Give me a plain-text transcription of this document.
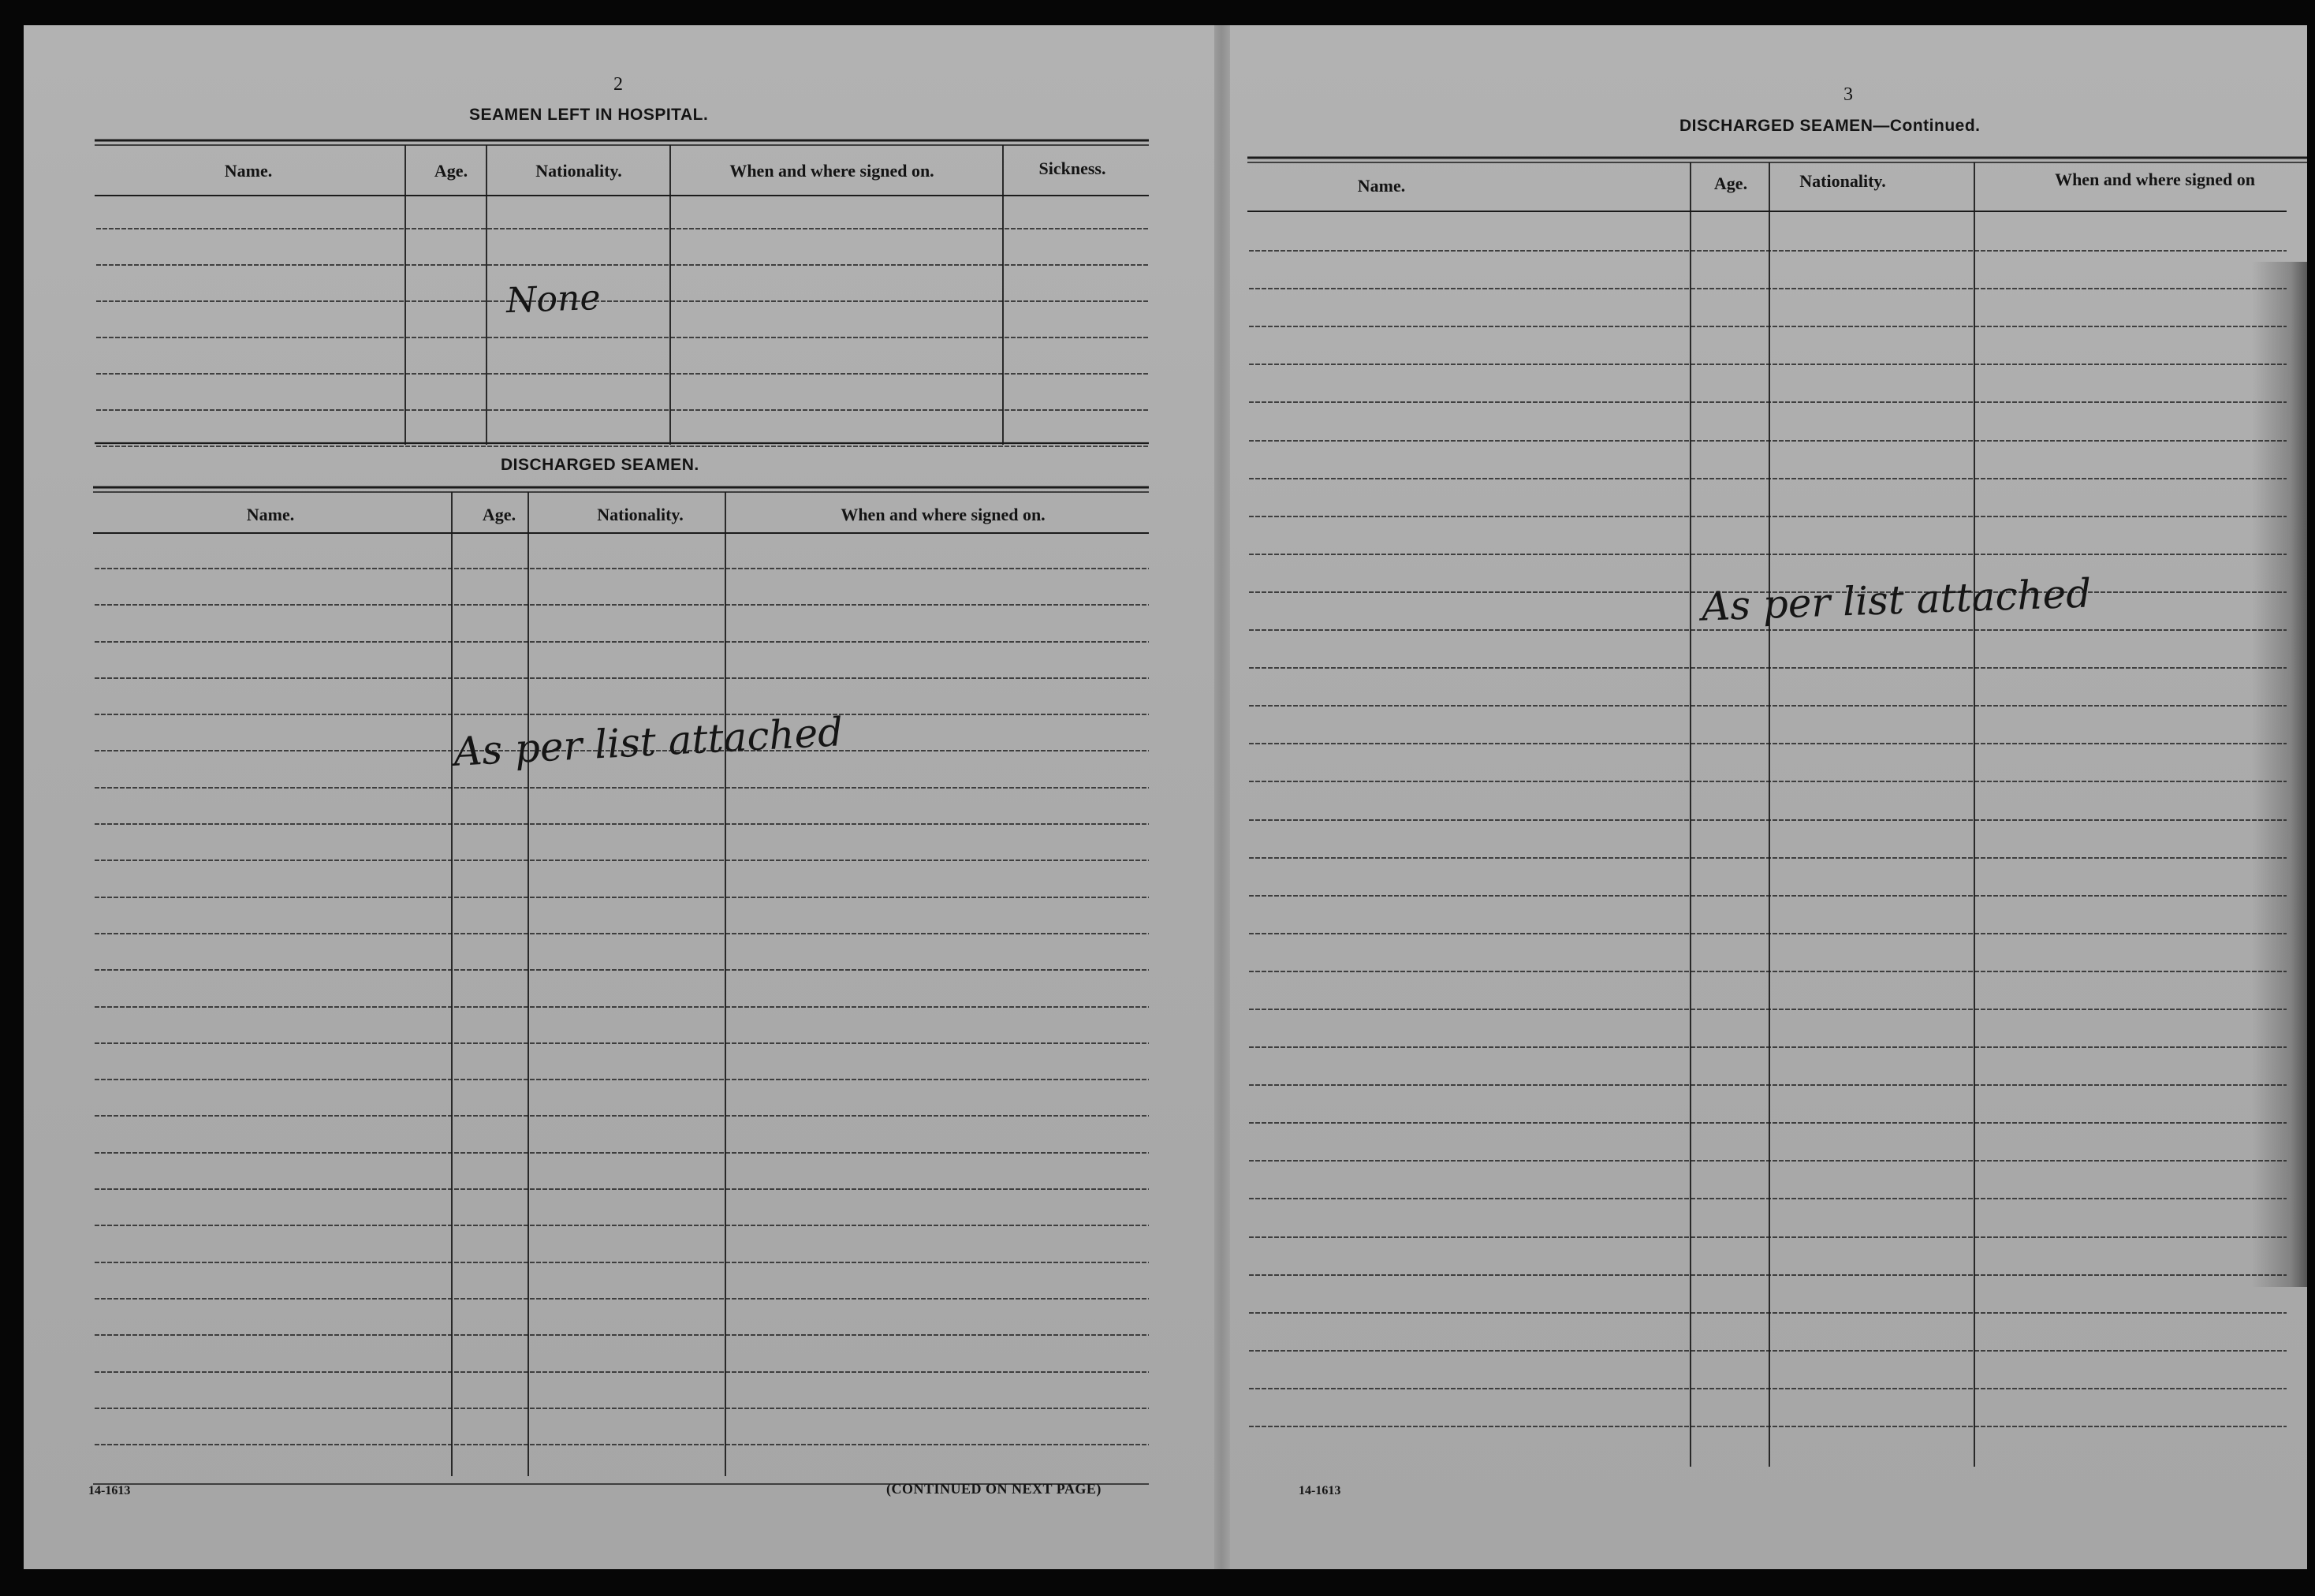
2

SEAMEN LEFT IN HOSPITAL.

Name.	Age.	Nationality.	When and where signed on.	Sickness.

None

DISCHARGED SEAMEN.

Name.	Age.	Nationality.	When and where signed on.

As per list attached

14-1613	(CONTINUED ON NEXT PAGE)

3

DISCHARGED SEAMEN—Continued.

Name.	Age.	Nationality.	When and where signed on

As per list attached

14-1613
